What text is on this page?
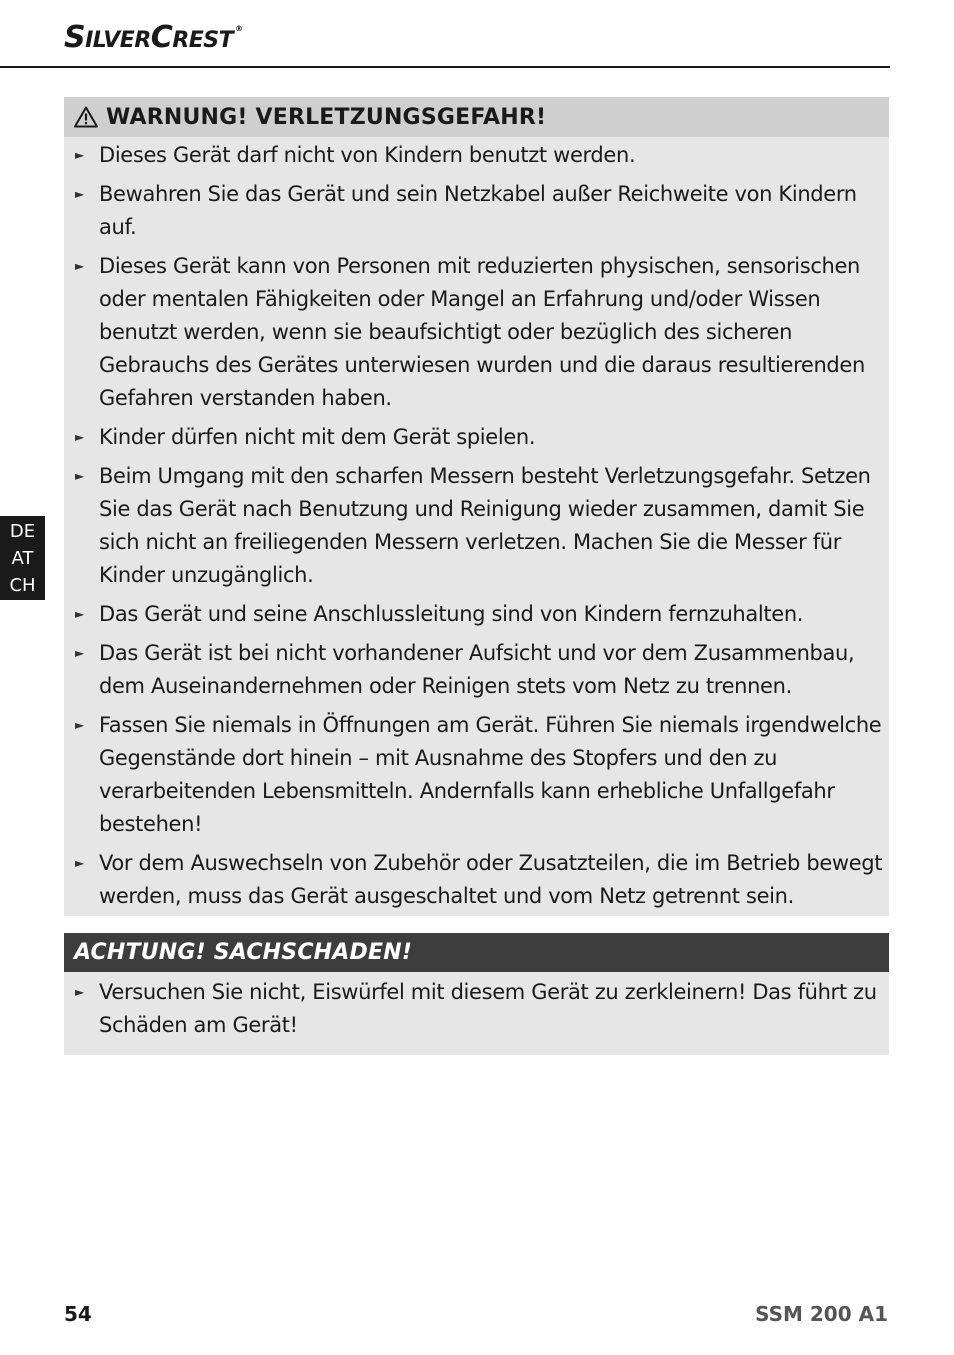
SILVERCREST ®
DE
AT
CH
WARNUNG! VERLETZUNGSGEFAHR!
► Dieses Gerät darf nicht von Kindern benutzt werden.
► Bewahren Sie das Gerät und sein Netzkabel außer Reichweite von Kindern auf.
► Dieses Gerät kann von Personen mit reduzierten physischen, sensorischen oder mentalen Fähigkeiten oder Mangel an Erfahrung und/oder Wissen benutzt werden, wenn sie beaufsichtigt oder bezüglich des sicheren Gebrauchs des Gerätes unterwiesen wurden und die daraus resultierenden Gefahren verstanden haben.
► Kinder dürfen nicht mit dem Gerät spielen.
► Beim Umgang mit den scharfen Messern besteht Verletzungsgefahr. Setzen Sie das Gerät nach Benutzung und Reinigung wieder zusammen, damit Sie sich nicht an freiliegenden Messern verletzen. Machen Sie die Messer für Kinder unzugänglich.
► Das Gerät und seine Anschlussleitung sind von Kindern fernzuhalten.
► Das Gerät ist bei nicht vorhandener Aufsicht und vor dem Zusammenbau, dem Auseinandernehmen oder Reinigen stets vom Netz zu trennen.
► Fassen Sie niemals in Öffnungen am Gerät. Führen Sie niemals irgendwelche Gegenstände dort hinein – mit Ausnahme des Stopfers und den zu verarbeitenden Lebensmitteln. Andernfalls kann erhebliche Unfallgefahr bestehen!
► Vor dem Auswechseln von Zubehör oder Zusatzteilen, die im Betrieb bewegt werden, muss das Gerät ausgeschaltet und vom Netz getrennt sein.
ACHTUNG! SACHSCHADEN!
► Versuchen Sie nicht, Eiswürfel mit diesem Gerät zu zerkleinern! Das führt zu Schäden am Gerät!
54	SSM 200 A1
